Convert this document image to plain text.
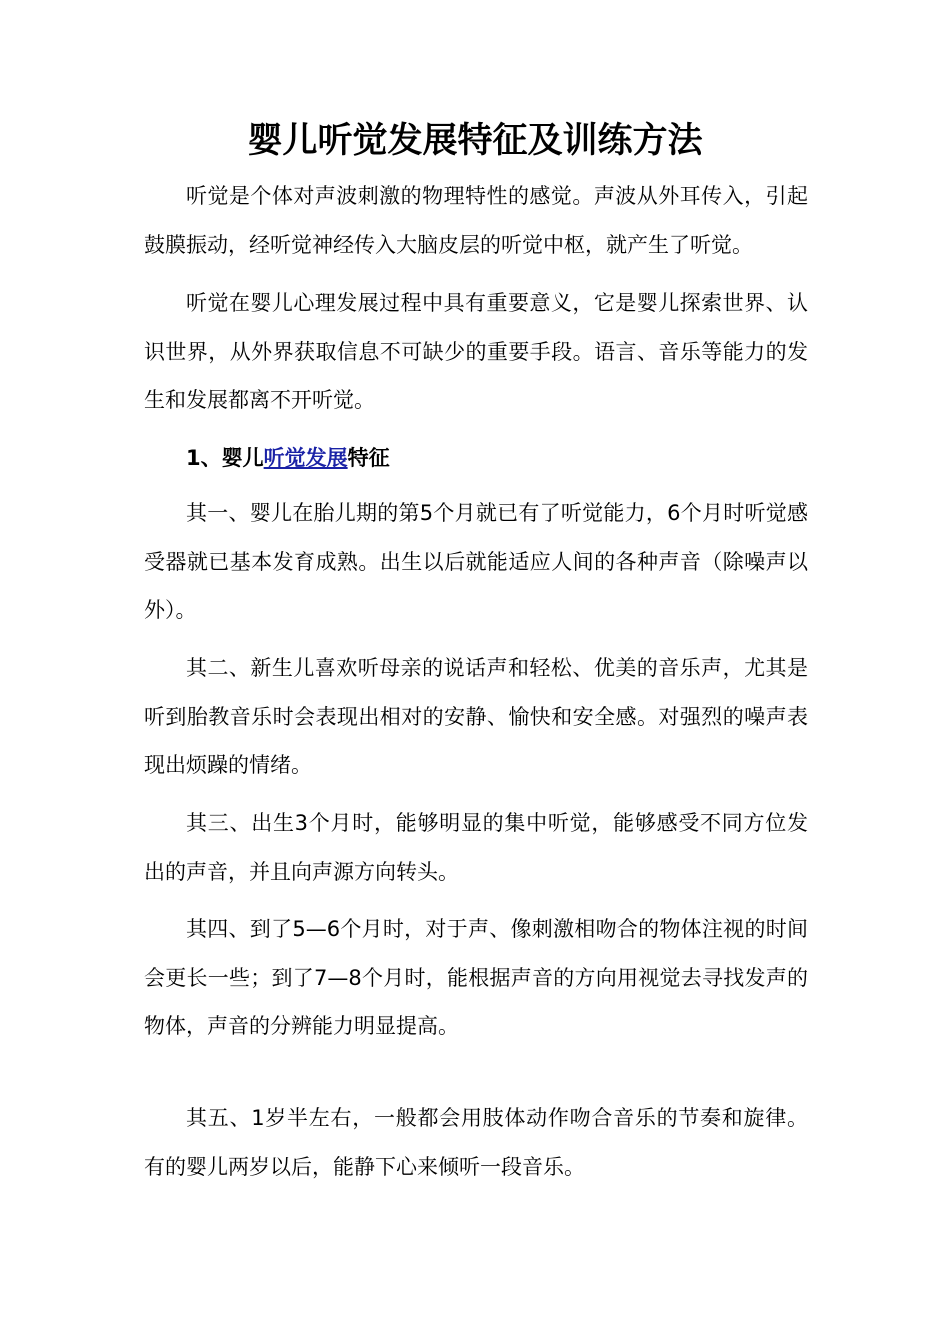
婴儿听觉发展特征及训练方法

听觉是个体对声波刺激的物理特性的感觉。声波从外耳传入，引起鼓膜振动，经听觉神经传入大脑皮层的听觉中枢，就产生了听觉。

听觉在婴儿心理发展过程中具有重要意义，它是婴儿探索世界、认识世界，从外界获取信息不可缺少的重要手段。语言、音乐等能力的发生和发展都离不开听觉。

1、婴儿听觉发展特征

其一、婴儿在胎儿期的第5个月就已有了听觉能力，6个月时听觉感受器就已基本发育成熟。出生以后就能适应人间的各种声音（除噪声以外）。

其二、新生儿喜欢听母亲的说话声和轻松、优美的音乐声，尤其是听到胎教音乐时会表现出相对的安静、愉快和安全感。对强烈的噪声表现出烦躁的情绪。

其三、出生3个月时，能够明显的集中听觉，能够感受不同方位发出的声音，并且向声源方向转头。

其四、到了5—6个月时，对于声、像刺激相吻合的物体注视的时间会更长一些；到了7—8个月时，能根据声音的方向用视觉去寻找发声的物体，声音的分辨能力明显提高。

其五、1岁半左右，一般都会用肢体动作吻合音乐的节奏和旋律。有的婴儿两岁以后，能静下心来倾听一段音乐。
